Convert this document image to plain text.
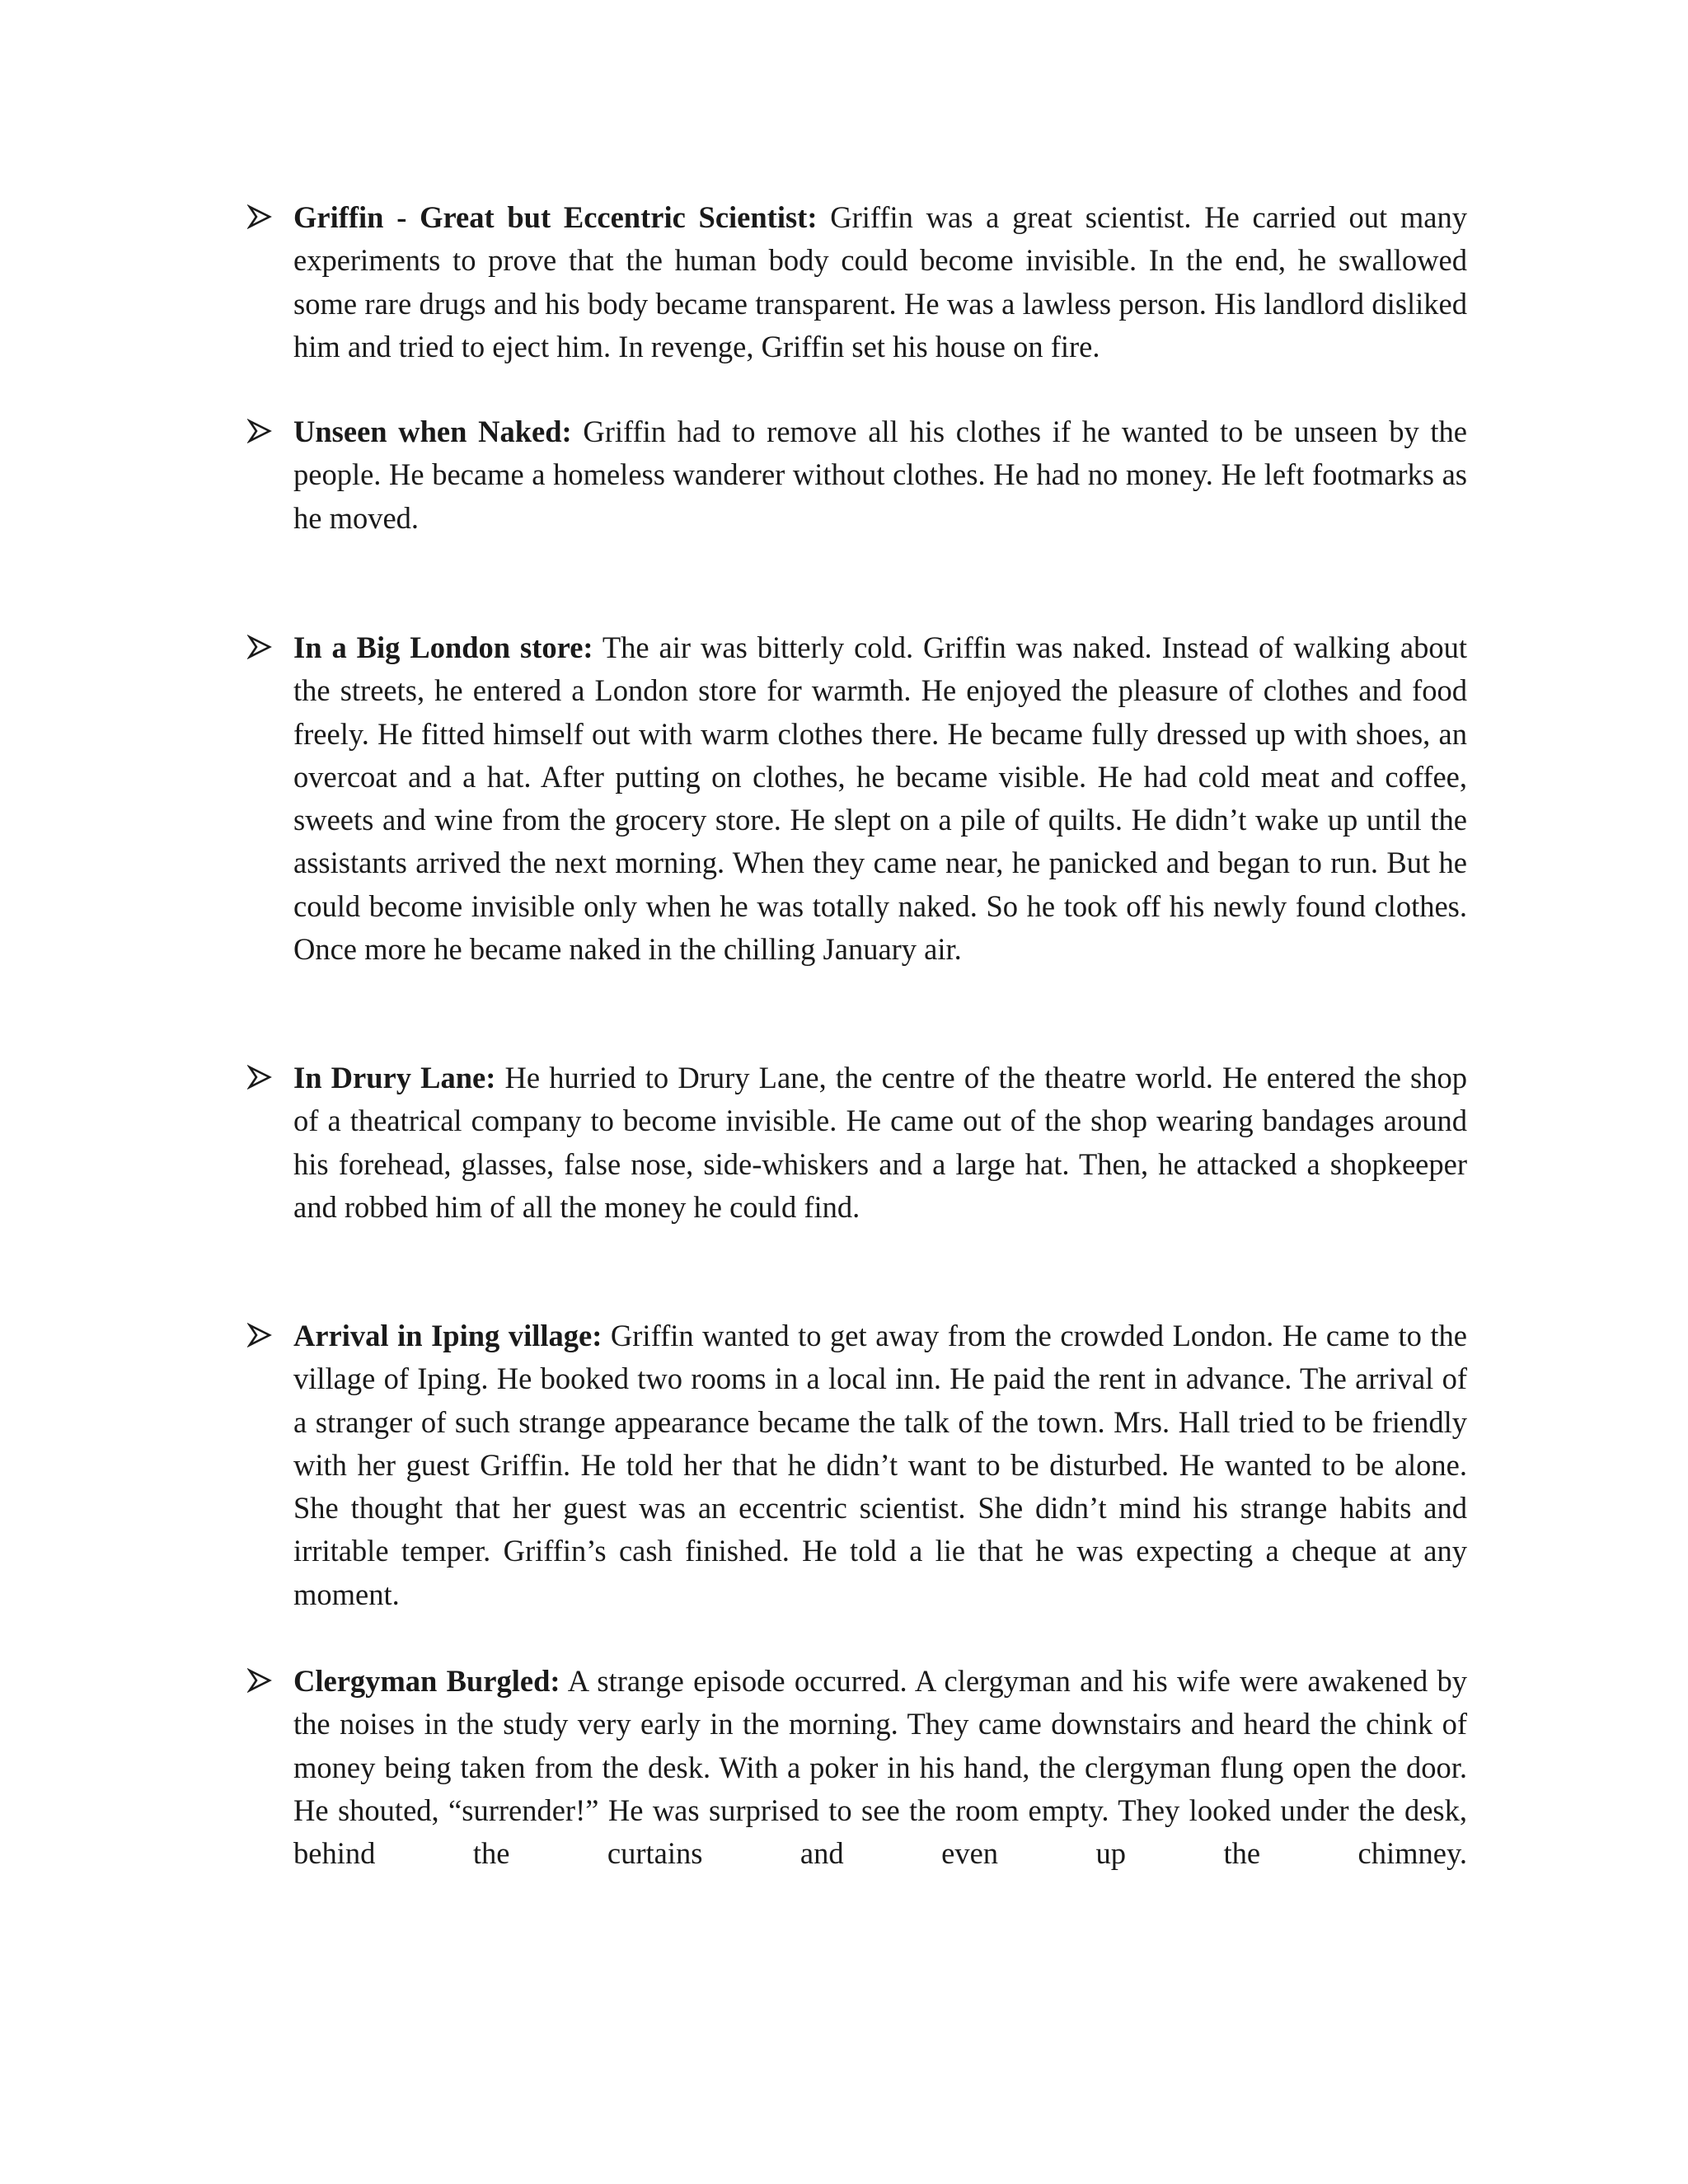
Griffin - Great but Eccentric Scientist: Griffin was a great scientist. He carried out many experiments to prove that the human body could become invisible. In the end, he swallowed some rare drugs and his body became transparent. He was a lawless person. His landlord disliked him and tried to eject him. In revenge, Griffin set his house on fire.
Unseen when Naked: Griffin had to remove all his clothes if he wanted to be unseen by the people. He became a homeless wanderer without clothes. He had no money. He left footmarks as he moved.
In a Big London store: The air was bitterly cold. Griffin was naked. Instead of walking about the streets, he entered a London store for warmth. He enjoyed the pleasure of clothes and food freely. He fitted himself out with warm clothes there. He became fully dressed up with shoes, an overcoat and a hat. After putting on clothes, he became visible. He had cold meat and coffee, sweets and wine from the grocery store. He slept on a pile of quilts. He didn’t wake up until the assistants arrived the next morning. When they came near, he panicked and began to run. But he could become invisible only when he was totally naked. So he took off his newly found clothes. Once more he became naked in the chilling January air.
In Drury Lane: He hurried to Drury Lane, the centre of the theatre world. He entered the shop of a theatrical company to become invisible. He came out of the shop wearing bandages around his forehead, glasses, false nose, side-whiskers and a large hat. Then, he attacked a shopkeeper and robbed him of all the money he could find.
Arrival in Iping village: Griffin wanted to get away from the crowded London. He came to the village of Iping. He booked two rooms in a local inn. He paid the rent in advance. The arrival of a stranger of such strange appearance became the talk of the town. Mrs. Hall tried to be friendly with her guest Griffin. He told her that he didn’t want to be disturbed. He wanted to be alone. She thought that her guest was an eccentric scientist. She didn’t mind his strange habits and irritable temper. Griffin’s cash finished. He told a lie that he was expecting a cheque at any moment.
Clergyman Burgled: A strange episode occurred. A clergyman and his wife were awakened by the noises in the study very early in the morning. They came downstairs and heard the chink of money being taken from the desk. With a poker in his hand, the clergyman flung open the door. He shouted, “surrender!” He was surprised to see the room empty. They looked under the desk, behind the curtains and even up the chimney.
